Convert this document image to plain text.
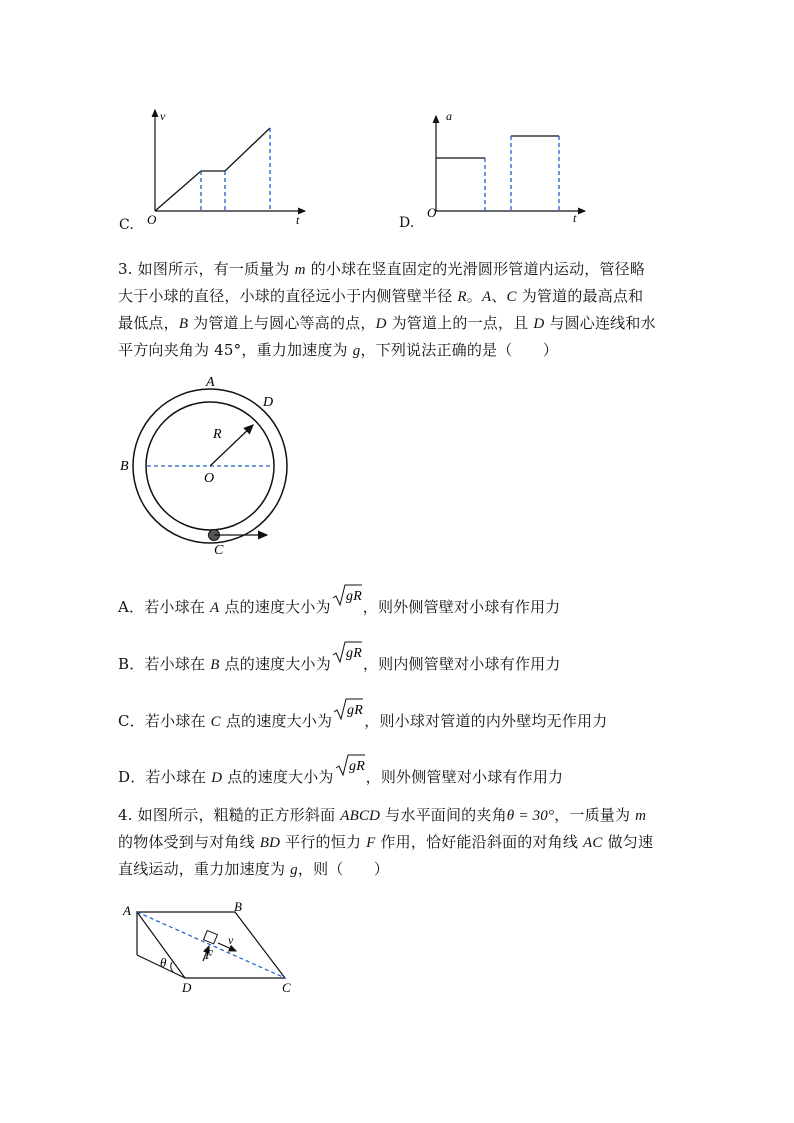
v
t
O
C.
a
t
O
D.
3. 如图所示，有一质量为 m 的小球在竖直固定的光滑圆形管道内运动，管径略
大于小球的直径，小球的直径远小于内侧管壁半径 R。A、C 为管道的最高点和
最低点，B 为管道上与圆心等高的点，D 为管道上的一点，且 D 与圆心连线和水
平方向夹角为 45°，重力加速度为 g，下列说法正确的是（　　）
A
D
R
B
O
C
A．若小球在 A 点的速度大小为
gR
，则外侧管壁对小球有作用力
B．若小球在 B 点的速度大小为
gR
，则内侧管壁对小球有作用力
C．若小球在 C 点的速度大小为
gR
，则小球对管道的内外壁均无作用力
D．若小球在 D 点的速度大小为
gR
，则外侧管壁对小球有作用力
4. 如图所示，粗糙的正方形斜面 ABCD 与水平面间的夹角θ = 30°，一质量为 m
的物体受到与对角线 BD 平行的恒力 F 作用，恰好能沿斜面的对角线 AC 做匀速
直线运动，重力加速度为 g，则（　　）
A	B
C
D
θ
F
v
